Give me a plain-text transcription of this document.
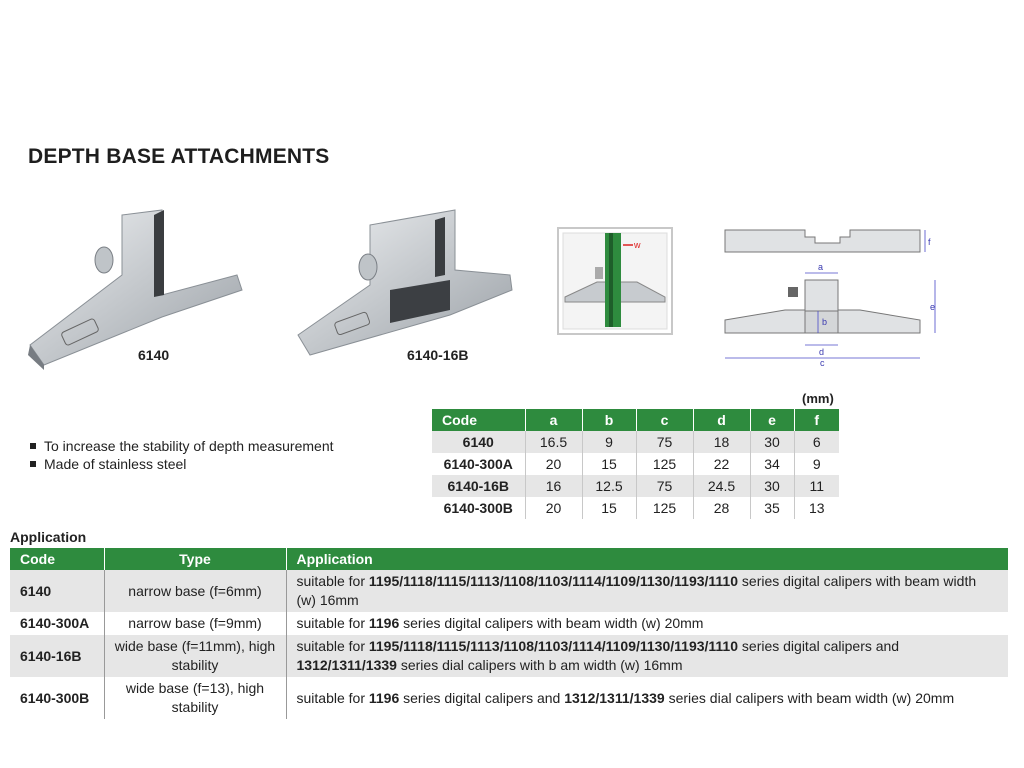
DEPTH BASE ATTACHMENTS
6140	6140-16B
w	f
a
e
b
d
c
To increase the stability of depth measurement
Made of stainless steel
(mm)
Code	a	b	c	d	e	f
6140	16.5	9	75	18	30	6
6140-300A	20	15	125	22	34	9
6140-16B	16	12.5	75	24.5	30	11
6140-300B	20	15	125	28	35	13
Application
Code	Type	Application
6140	narrow base (f=6mm)	suitable for 1195/1118/1115/1113/1108/1103/1114/1109/1130/1193/1110 series digital calipers with beam width (w) 16mm
6140-300A	narrow base (f=9mm)	suitable for 1196 series digital calipers with beam width (w) 20mm
6140-16B	wide base (f=11mm), high stability	suitable for 1195/1118/1115/1113/1108/1103/1114/1109/1130/1193/1110 series digital calipers and 1312/1311/1339 series dial calipers with b am width (w) 16mm
6140-300B	wide base (f=13), high stability	suitable for 1196 series digital calipers and 1312/1311/1339 series dial calipers with beam width (w) 20mm
